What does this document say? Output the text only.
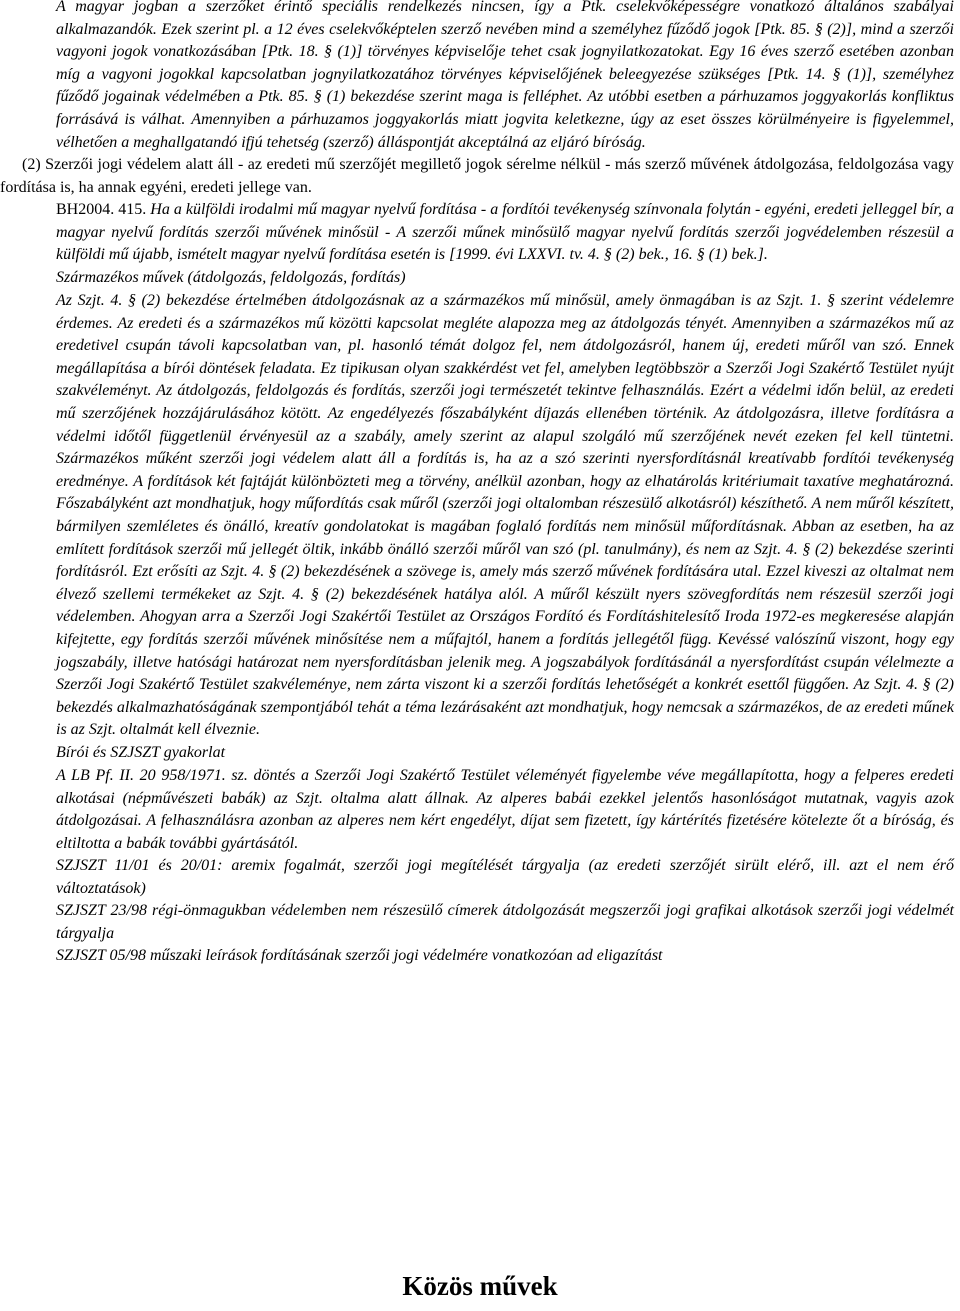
A magyar jogban a szerzőket érintő speciális rendelkezés nincsen, így a Ptk. cselekvőképességre vonatkozó általános szabályai alkalmazandók. Ezek szerint pl. a 12 éves cselekvőképtelen szerző nevében mind a személyhez fűződő jogok [Ptk. 85. § (2)], mind a szerzői vagyoni jogok vonatkozásában [Ptk. 18. § (1)] törvényes képviselője tehet csak jognyilatkozatokat. Egy 16 éves szerző esetében azonban míg a vagyoni jogokkal kapcsolatban jognyilatkozatához törvényes képviselőjének beleegyezése szükséges [Ptk. 14. § (1)], személyhez fűződő jogainak védelmében a Ptk. 85. § (1) bekezdése szerint maga is felléphet. Az utóbbi esetben a párhuzamos joggyakorlás konfliktus forrásává is válhat. Amennyiben a párhuzamos joggyakorlás miatt jogvita keletkezne, úgy az eset összes körülményeire is figyelemmel, vélhetően a meghallgatandó ifjú tehetség (szerző) álláspontját akceptálná az eljáró bíróság.

(2) Szerzői jogi védelem alatt áll - az eredeti mű szerzőjét megillető jogok sérelme nélkül - más szerző művének átdolgozása, feldolgozása vagy fordítása is, ha annak egyéni, eredeti jellege van.

BH2004. 415. Ha a külföldi irodalmi mű magyar nyelvű fordítása - a fordítói tevékenység színvonala folytán - egyéni, eredeti jelleggel bír, a magyar nyelvű fordítás szerzői művének minősül - A szerzői műnek minősülő magyar nyelvű fordítás szerzői jogvédelemben részesül a külföldi mű újabb, ismételt magyar nyelvű fordítása esetén is [1999. évi LXXVI. tv. 4. § (2) bek., 16. § (1) bek.].

Származékos művek (átdolgozás, feldolgozás, fordítás)

Az Szjt. 4. § (2) bekezdése értelmében átdolgozásnak az a származékos mű minősül, amely önmagában is az Szjt. 1. § szerint védelemre érdemes. Az eredeti és a származékos mű közötti kapcsolat megléte alapozza meg az átdolgozás tényét. Amennyiben a származékos mű az eredetivel csupán távoli kapcsolatban van, pl. hasonló témát dolgoz fel, nem átdolgozásról, hanem új, eredeti műről van szó. Ennek megállapítása a bírói döntések feladata. Ez tipikusan olyan szakkérdést vet fel, amelyben legtöbbször a Szerzői Jogi Szakértő Testület nyújt szakvéleményt. Az átdolgozás, feldolgozás és fordítás, szerzői jogi természetét tekintve felhasználás. Ezért a védelmi időn belül, az eredeti mű szerzőjének hozzájárulásához kötött. Az engedélyezés főszabályként díjazás ellenében történik. Az átdolgozásra, illetve fordításra a védelmi időtől függetlenül érvényesül az a szabály, amely szerint az alapul szolgáló mű szerzőjének nevét ezeken fel kell tüntetni. Származékos műként szerzői jogi védelem alatt áll a fordítás is, ha az a szó szerinti nyersfordításnál kreatívabb fordítói tevékenység eredménye. A fordítások két fajtáját különbözteti meg a törvény, anélkül azonban, hogy az elhatárolás kritériumait taxatíve meghatározná. Főszabályként azt mondhatjuk, hogy műfordítás csak műről (szerzői jogi oltalomban részesülő alkotásról) készíthető. A nem műről készített, bármilyen szemléletes és önálló, kreatív gondolatokat is magában foglaló fordítás nem minősül műfordításnak. Abban az esetben, ha az említett fordítások szerzői mű jellegét öltik, inkább önálló szerzői műről van szó (pl. tanulmány), és nem az Szjt. 4. § (2) bekezdése szerinti fordításról. Ezt erősíti az Szjt. 4. § (2) bekezdésének a szövege is, amely más szerző művének fordítására utal. Ezzel kiveszi az oltalmat nem élvező szellemi termékeket az Szjt. 4. § (2) bekezdésének hatálya alól. A műről készült nyers szövegfordítás nem részesül szerzői jogi védelemben. Ahogyan arra a Szerzői Jogi Szakértői Testület az Országos Fordító és Fordításhitelesítő Iroda 1972-es megkeresése alapján kifejtette, egy fordítás szerzői művének minősítése nem a műfajtól, hanem a fordítás jellegétől függ. Kevéssé valószínű viszont, hogy egy jogszabály, illetve hatósági határozat nem nyersfordításban jelenik meg. A jogszabályok fordításánál a nyersfordítást csupán vélelmezte a Szerzői Jogi Szakértő Testület szakvéleménye, nem zárta viszont ki a szerzői fordítás lehetőségét a konkrét esettől függően. Az Szjt. 4. § (2) bekezdés alkalmazhatóságának szempontjából tehát a téma lezárásaként azt mondhatjuk, hogy nemcsak a származékos, de az eredeti műnek is az Szjt. oltalmát kell élveznie.

Bírói és SZJSZT gyakorlat

A LB Pf. II. 20 958/1971. sz. döntés a Szerzői Jogi Szakértő Testület véleményét figyelembe véve megállapította, hogy a felperes eredeti alkotásai (népművészeti babák) az Szjt. oltalma alatt állnak. Az alperes babái ezekkel jelentős hasonlóságot mutatnak, vagyis azok átdolgozásai. A felhasználásra azonban az alperes nem kért engedélyt, díjat sem fizetett, így kártérítés fizetésére kötelezte őt a bíróság, és eltiltotta a babák további gyártásától.

SZJSZT 11/01 és 20/01: aremix fogalmát, szerzői jogi megítélését tárgyalja (az eredeti szerzőjét sirült elérő, ill. azt el nem érő változtatások)

SZJSZT 23/98 régi-önmagukban védelemben nem részesülő címerek átdolgozását megszerzői jogi grafikai alkotások szerzői jogi védelmét tárgyalja

SZJSZT 05/98 műszaki leírások fordításának szerzői jogi védelmére vonatkozóan ad eligazítást

Közös művek
